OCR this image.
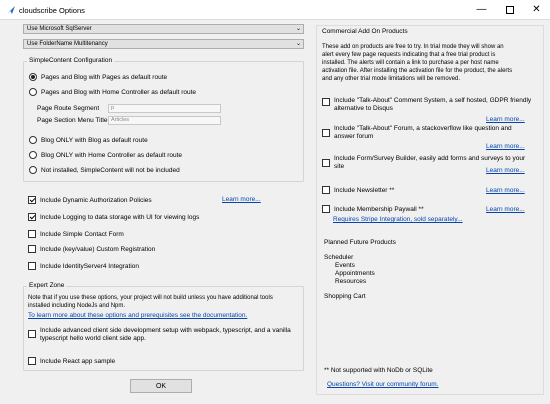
cloudscribe Options	—	✕
Use Microsoft SqlServer	⌄
Use FolderName Multitenancy	⌄
SimpleContent Configuration
Pages and Blog with Pages as default route
Pages and Blog with Home Controller as default route
Page Route Segment	p
Page Section Menu Title Articles
Blog ONLY with Blog as default route
Blog ONLY with Home Controller as default route
Not installed, SimpleContent will not be included
Include Dynamic Authorization Policies	Learn more...
Include Logging to data storage with UI for viewing logs
Include Simple Contact Form
Include (key/value) Custom Registration
Include IdentityServer4 Integration
Expert Zone
Note that if you use these options, your project will not build unless you have additional tools
installed including NodeJs and Npm.
To learn more about these options and prerequisites see the documentation.
Include advanced client side development setup with webpack, typescript, and a vanilla
typescript hello world client side app.
Include React app sample
OK
Commercial Add On Products
These add on products are free to try. In trial mode they will show an
alert every few page requests indicating that a free trial product is
installed. The alerts will contain a link to purchase a per host name
activation file. After installing the activation file for the product, the alerts
and any other trial mode limitations will be removed.
Include "Talk-About" Comment System, a self hosted, GDPR friendly
alternative to Disqus
Learn more...
Include "Talk-About" Forum, a stackoverflow like question and
answer forum
Learn more...
Include Form/Survey Builder, easily add forms and surveys to your
site
Learn more...
Include Newsletter **	Learn more...
Include Membership Paywall **	Learn more...
Requires Stripe Integration, sold separately...
Planned Future Products
Scheduler
Events
Appointments
Resources
Shopping Cart
** Not supported with NoDb or SQLite
Questions? Visit our community forum.
